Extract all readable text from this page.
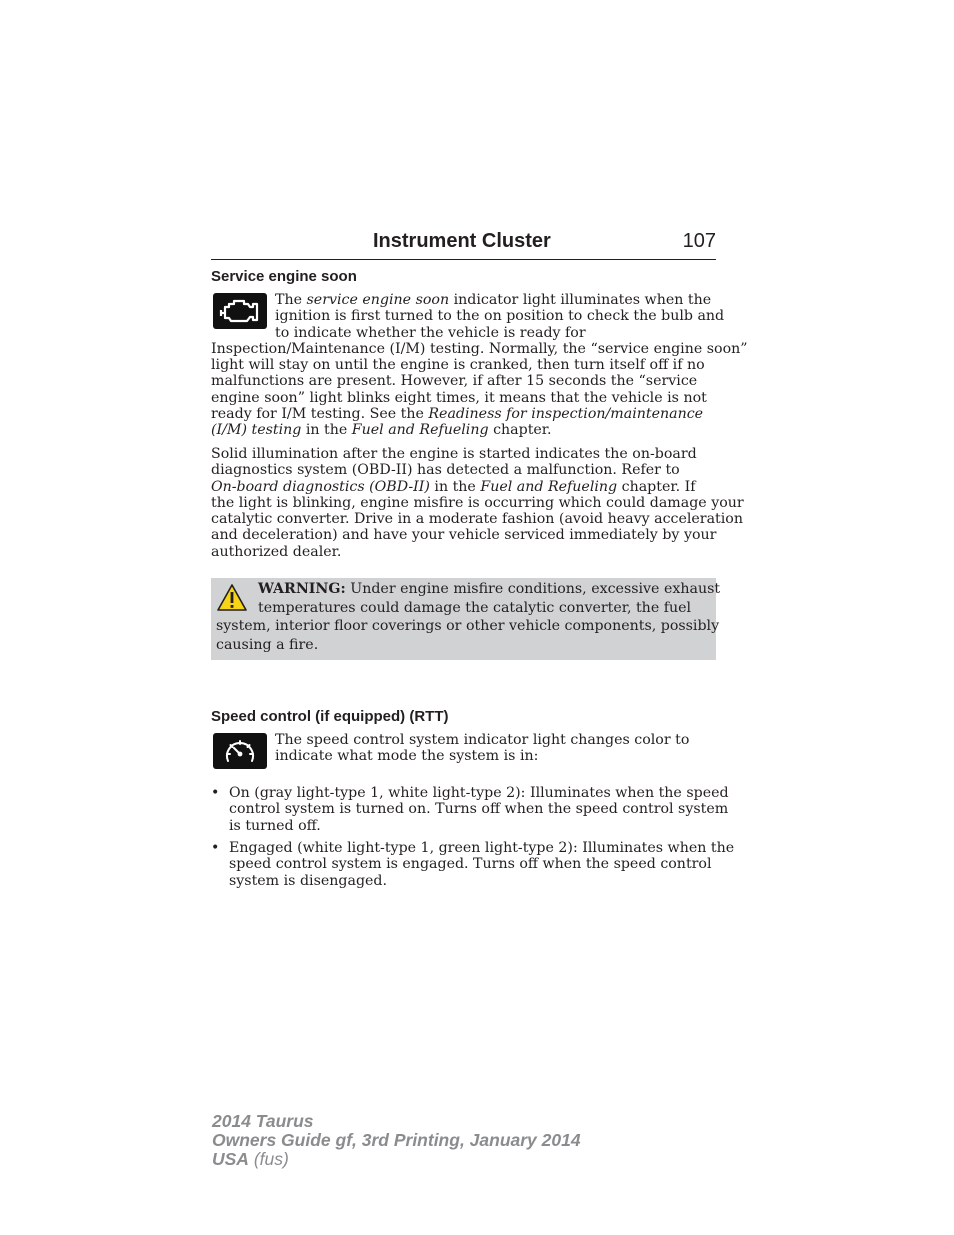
Instrument Cluster	107
Service engine soon
The service engine soon indicator light illuminates when the
ignition is first turned to the on position to check the bulb and
to indicate whether the vehicle is ready for
Inspection/Maintenance (I/M) testing. Normally, the “service engine soon”
light will stay on until the engine is cranked, then turn itself off if no
malfunctions are present. However, if after 15 seconds the “service
engine soon” light blinks eight times, it means that the vehicle is not
ready for I/M testing. See the Readiness for inspection/maintenance
(I/M) testing in the Fuel and Refueling chapter.
Solid illumination after the engine is started indicates the on-board
diagnostics system (OBD-II) has detected a malfunction. Refer to
On-board diagnostics (OBD-II) in the Fuel and Refueling chapter. If
the light is blinking, engine misfire is occurring which could damage your
catalytic converter. Drive in a moderate fashion (avoid heavy acceleration
and deceleration) and have your vehicle serviced immediately by your
authorized dealer.
WARNING: Under engine misfire conditions, excessive exhaust
temperatures could damage the catalytic converter, the fuel
system, interior floor coverings or other vehicle components, possibly
causing a fire.
Speed control (if equipped) (RTT)
The speed control system indicator light changes color to
indicate what mode the system is in:
• On (gray light-type 1, white light-type 2): Illuminates when the speed
control system is turned on. Turns off when the speed control system
is turned off.
• Engaged (white light-type 1, green light-type 2): Illuminates when the
speed control system is engaged. Turns off when the speed control
system is disengaged.
2014 Taurus
Owners Guide gf, 3rd Printing, January 2014
USA (fus)
